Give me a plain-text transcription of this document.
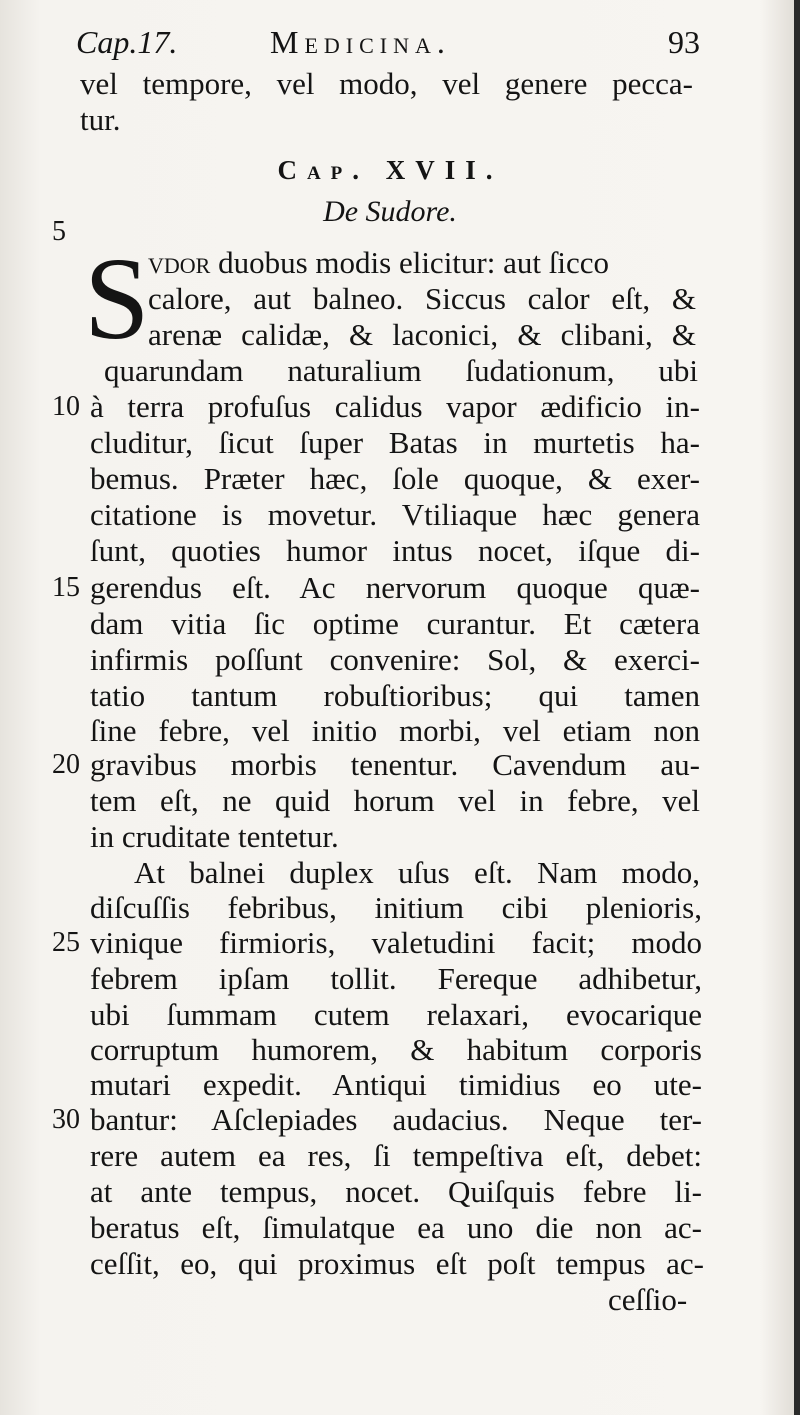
Cap.17.	Medicina.	93
vel tempore, vel modo, vel genere pecca-
tur.
Cap. XVII.
De Sudore.
5
10
15
20
25
30
S
vdor duobus modis elicitur: aut ſicco
calore, aut balneo. Siccus calor eſt, &
arenæ calidæ, & laconici, & clibani, &
quarundam naturalium ſudationum, ubi
à terra profuſus calidus vapor ædificio in-
cluditur, ſicut ſuper Batas in murtetis ha-
bemus. Præter hæc, ſole quoque, & exer-
citatione is movetur. Vtiliaque hæc genera
ſunt, quoties humor intus nocet, iſque di-
gerendus eſt. Ac nervorum quoque quæ-
dam vitia ſic optime curantur. Et cætera
infirmis poſſunt convenire: Sol, & exerci-
tatio tantum robuſtioribus; qui tamen
ſine febre, vel initio morbi, vel etiam non
gravibus morbis tenentur. Cavendum au-
tem eſt, ne quid horum vel in febre, vel
in cruditate tentetur.
At balnei duplex uſus eſt. Nam modo,
diſcuſſis febribus, initium cibi plenioris,
vinique firmioris, valetudini facit; modo
febrem ipſam tollit. Fereque adhibetur,
ubi ſummam cutem relaxari, evocarique
corruptum humorem, & habitum corporis
mutari expedit. Antiqui timidius eo ute-
bantur: Aſclepiades audacius. Neque ter-
rere autem ea res, ſi tempeſtiva eſt, debet:
at ante tempus, nocet. Quiſquis febre li-
beratus eſt, ſimulatque ea uno die non ac-
ceſſit, eo, qui proximus eſt poſt tempus ac-
ceſſio-
